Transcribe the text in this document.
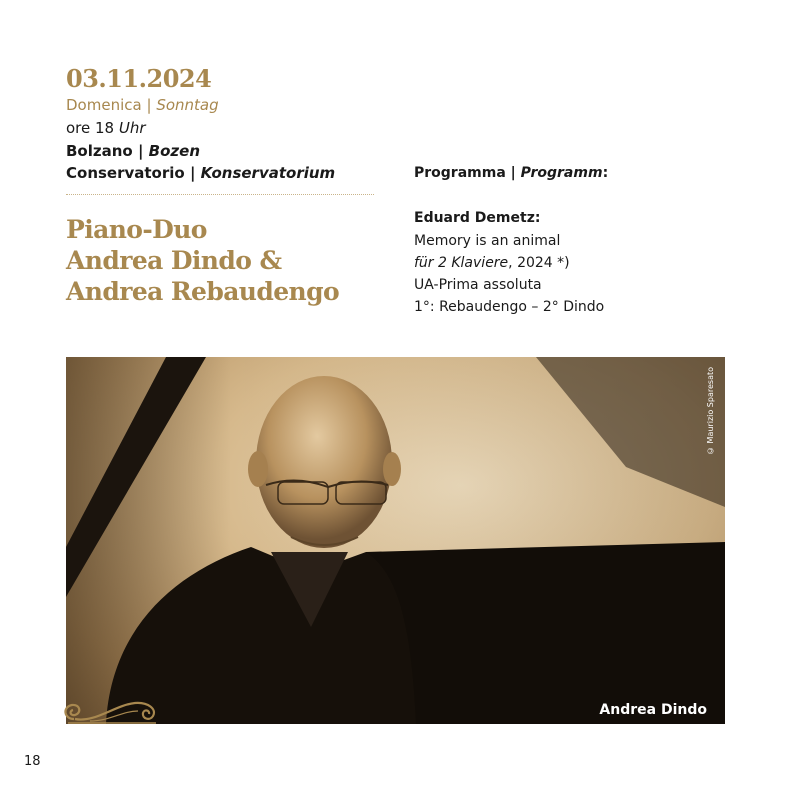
03.11.2024
Domenica | Sonntag
ore 18 Uhr
Bolzano | Bozen
Conservatorio | Konservatorium
Piano-Duo
Andrea Dindo &
Andrea Rebaudengo
Programma | Programm:
Eduard Demetz:
Memory is an animal
für 2 Klaviere, 2024 *)
UA-Prima assoluta
1°: Rebaudengo – 2° Dindo
© Maurizio Sparesato
Andrea Dindo
18
